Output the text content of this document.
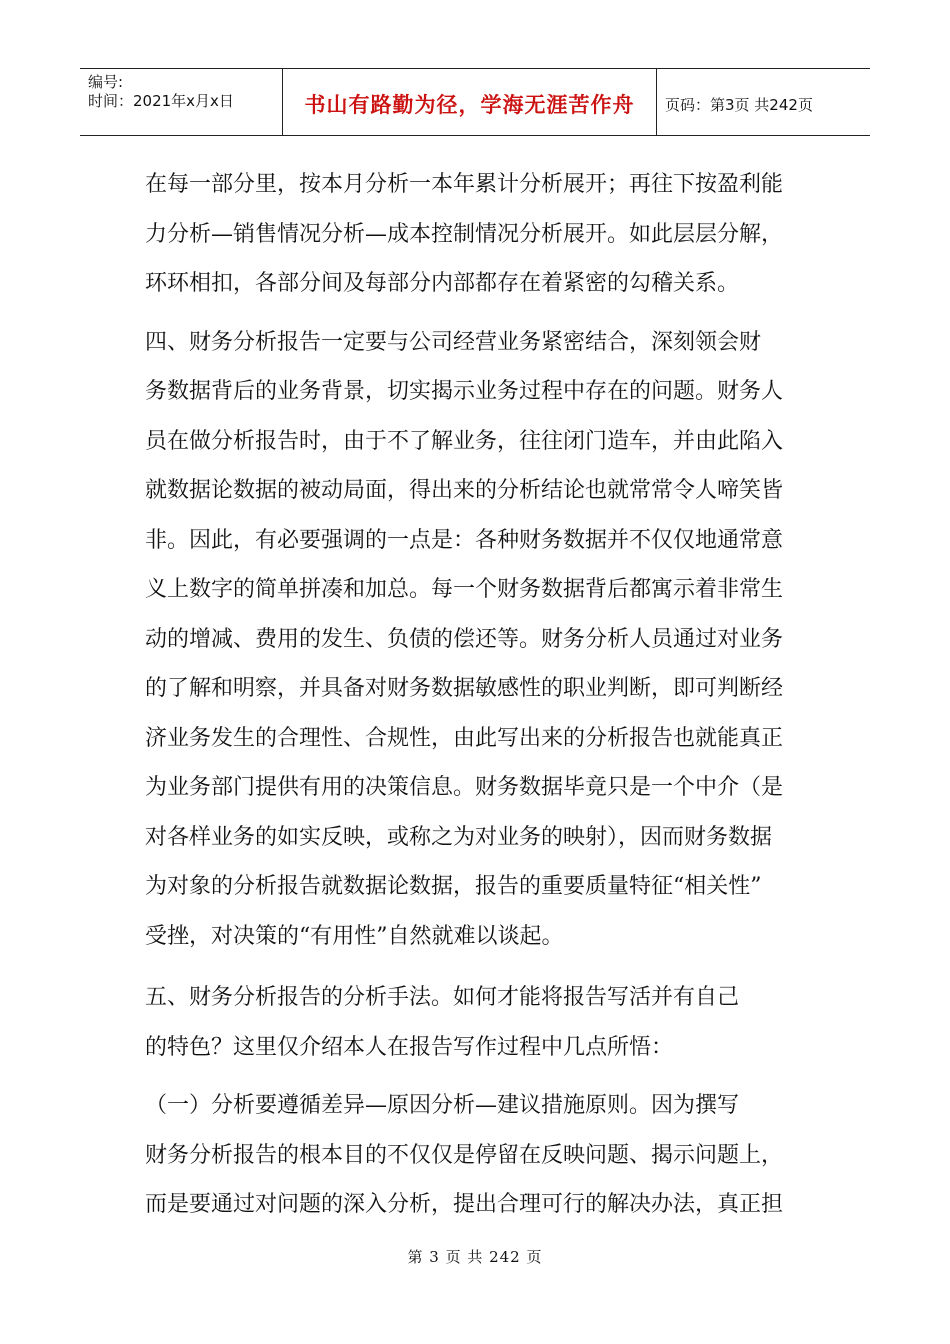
编号:
时间：2021年x月x日	书山有路勤为径，学海无涯苦作舟 页码：第3页 共242页
在每一部分里，按本月分析一本年累计分析展开；再往下按盈利能
力分析—销售情况分析—成本控制情况分析展开。如此层层分解，
环环相扣，各部分间及每部分内部都存在着紧密的勾稽关系。
四、财务分析报告一定要与公司经营业务紧密结合，深刻领会财
务数据背后的业务背景，切实揭示业务过程中存在的问题。财务人
员在做分析报告时，由于不了解业务，往往闭门造车，并由此陷入
就数据论数据的被动局面，得出来的分析结论也就常常令人啼笑皆
非。因此，有必要强调的一点是：各种财务数据并不仅仅地通常意
义上数字的简单拼凑和加总。每一个财务数据背后都寓示着非常生
动的增减、费用的发生、负债的偿还等。财务分析人员通过对业务
的了解和明察，并具备对财务数据敏感性的职业判断，即可判断经
济业务发生的合理性、合规性，由此写出来的分析报告也就能真正
为业务部门提供有用的决策信息。财务数据毕竟只是一个中介（是
对各样业务的如实反映，或称之为对业务的映射），因而财务数据
为对象的分析报告就数据论数据，报告的重要质量特征“相关性”
受挫，对决策的“有用性”自然就难以谈起。
五、财务分析报告的分析手法。如何才能将报告写活并有自己
的特色？这里仅介绍本人在报告写作过程中几点所悟：
（一）分析要遵循差异—原因分析—建议措施原则。因为撰写
财务分析报告的根本目的不仅仅是停留在反映问题、揭示问题上，
而是要通过对问题的深入分析，提出合理可行的解决办法，真正担
第 3 页 共 242 页
